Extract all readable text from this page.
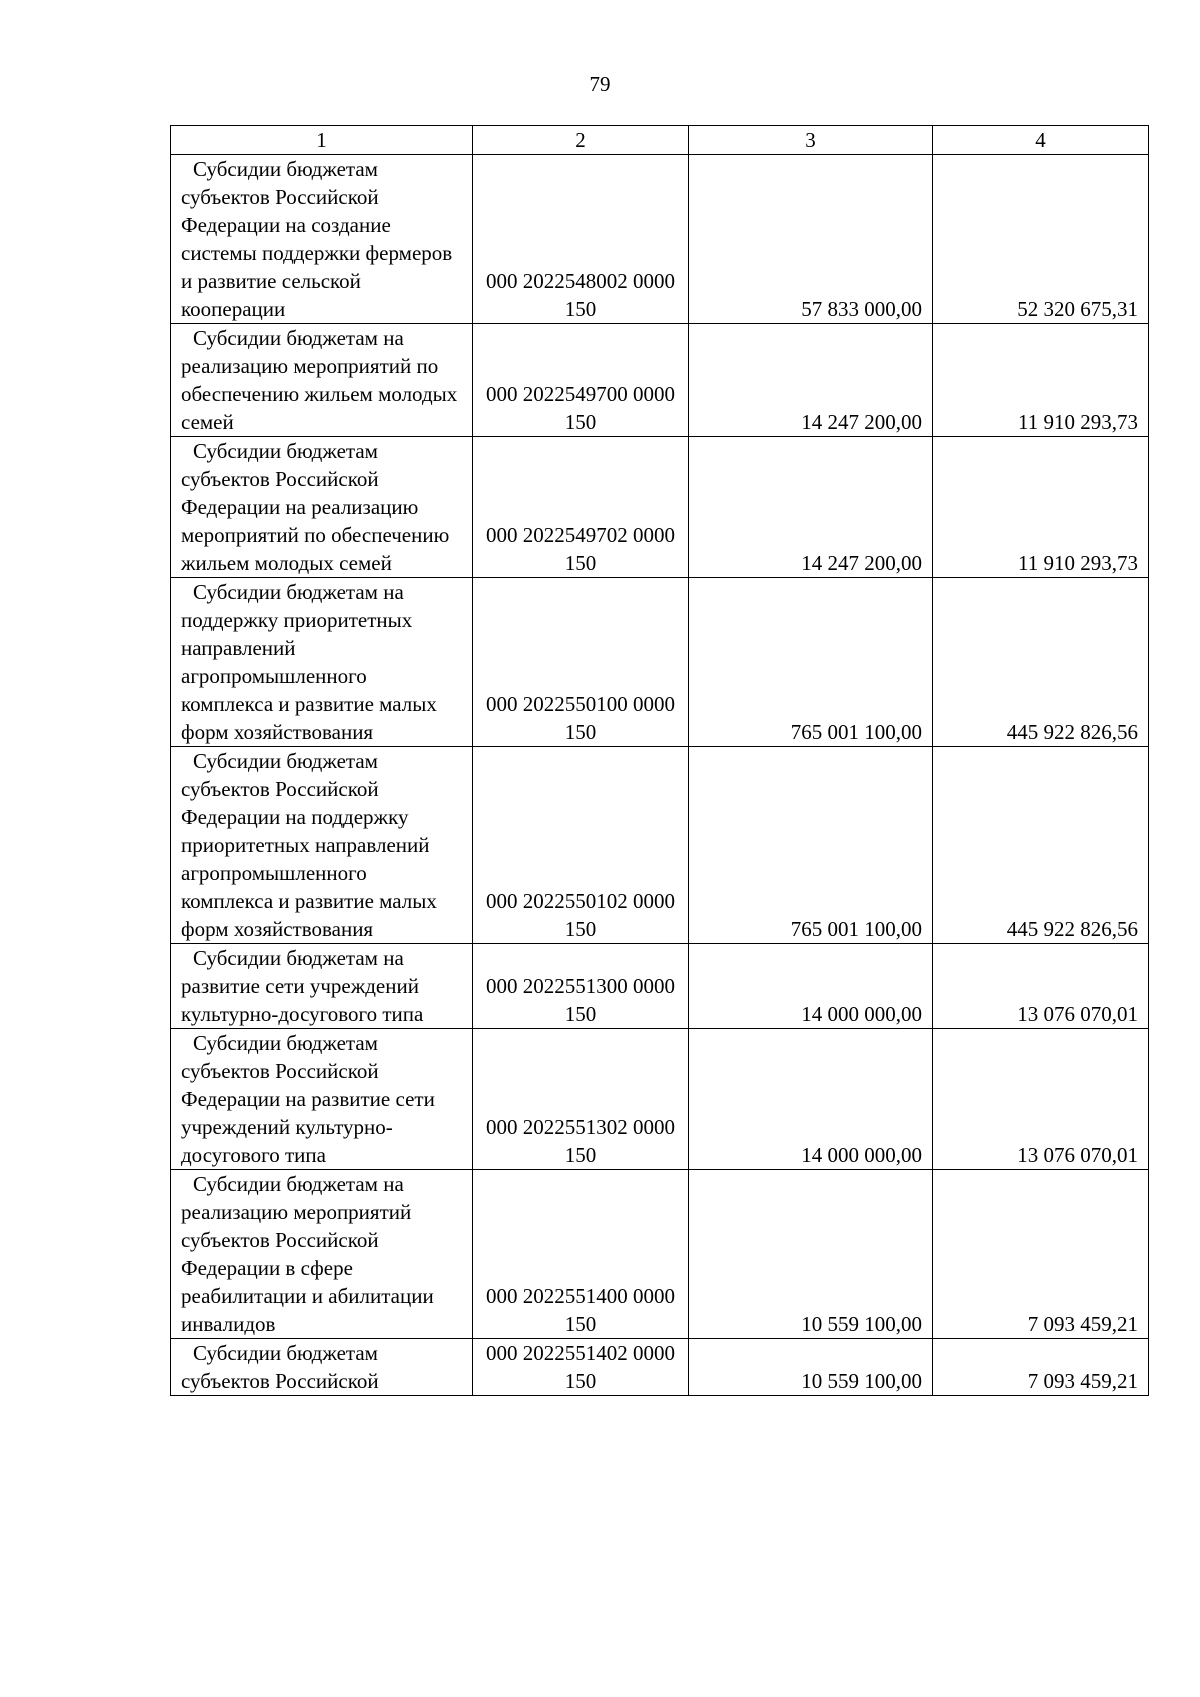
79
1	2	3	4

Субсидии бюджетам субъектов Российской Федерации на создание системы поддержки фермеров и развитие сельской кооперации	000 2022548002 0000 150	57 833 000,00	52 320 675,31

Субсидии бюджетам на реализацию мероприятий по обеспечению жильем молодых семей	000 2022549700 0000 150	14 247 200,00	11 910 293,73

Субсидии бюджетам субъектов Российской Федерации на реализацию мероприятий по обеспечению жильем молодых семей	000 2022549702 0000 150	14 247 200,00	11 910 293,73

Субсидии бюджетам на поддержку приоритетных направлений агропромышленного комплекса и развитие малых форм хозяйствования	000 2022550100 0000 150	765 001 100,00	445 922 826,56

Субсидии бюджетам субъектов Российской Федерации на поддержку приоритетных направлений агропромышленного комплекса и развитие малых форм хозяйствования	000 2022550102 0000 150	765 001 100,00	445 922 826,56

Субсидии бюджетам на развитие сети учреждений культурно-досугового типа	000 2022551300 0000 150	14 000 000,00	13 076 070,01

Субсидии бюджетам субъектов Российской Федерации на развитие сети учреждений культурно-досугового типа	000 2022551302 0000 150	14 000 000,00	13 076 070,01

Субсидии бюджетам на реализацию мероприятий субъектов Российской Федерации в сфере реабилитации и абилитации инвалидов	000 2022551400 0000 150	10 559 100,00	7 093 459,21

Субсидии бюджетам субъектов Российской	000 2022551402 0000 150	10 559 100,00	7 093 459,21
